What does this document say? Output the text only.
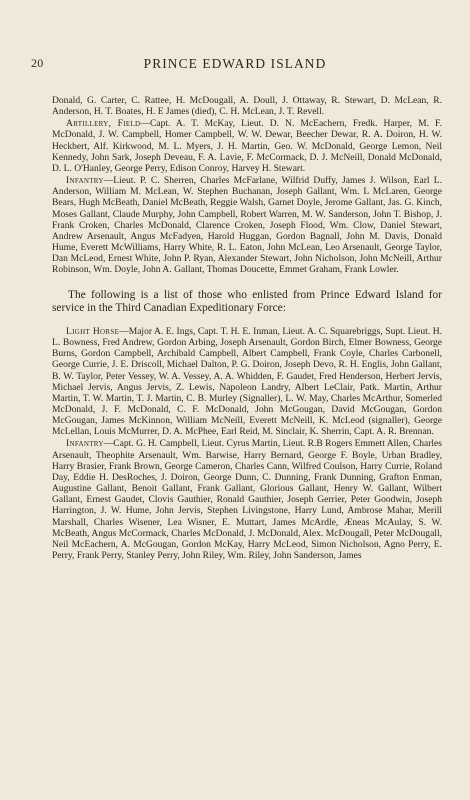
20	PRINCE EDWARD ISLAND

Donald, G. Carter, C. Rattee, H. McDougall, A. Doull, J. Ottaway, R. Stewart, D. McLean, R. Anderson, H. T. Boates, H. E James (died), C. H. McLean, J. T. Revell.

Artillery, Field—Capt. A. T. McKay, Lieut. D. N. McEachern, Fredk. Harper, M. F. McDonald, J. W. Campbell, Homer Campbell, W. W. Dewar, Beecher Dewar, R. A. Doiron, H. W. Heckbert, Alf. Kirkwood, M. L. Myers, J. H. Martin, Geo. W. McDonald, George Lemon, Neil Kennedy, John Sark, Joseph Deveau, F. A. Lavie, F. McCormack, D. J. McNeill, Donald McDonald, D. L. O'Hanley, George Perry, Edison Conroy, Harvey H. Stewart.

Infantry—Lieut. P. C. Sherren, Charles McFarlane, Wilfrid Duffy, James J. Wilson, Earl L. Anderson, William M. McLean, W. Stephen Buchanan, Joseph Gallant, Wm. L McLaren, George Bears, Hugh McBeath, Daniel McBeath, Reggie Walsh, Garnet Doyle, Jerome Gallant, Jas. G. Kinch, Moses Gallant, Claude Murphy, John Campbell, Robert Warren, M. W. Sanderson, John T. Bishop, J. Frank Croken, Charles McDonald, Clarence Croken, Joseph Flood, Wm. Clow, Daniel Stewart, Andrew Arsenault, Angus McFadyen, Harold Huggan, Gordon Bagnall, John M. Davis, Donald Hume, Everett McWilliams, Harry White, R. L. Eaton, John McLean, Leo Arsenault, George Taylor, Dan McLeod, Ernest White, John P. Ryan, Alexander Stewart, John Nicholson, John McNeill, Arthur Robinson, Wm. Doyle, John A. Gallant, Thomas Doucette, Emmet Graham, Frank Lowler.

The following is a list of those who enlisted from Prince Edward Island for service in the Third Canadian Expeditionary Force:

Light Horse—Major A. E. Ings, Capt. T. H. E. Inman, Lieut. A. C. Squarebriggs, Supt. Lieut. H. L. Bowness, Fred Andrew, Gordon Arbing, Joseph Arsenault, Gordon Birch, Elmer Bowness, George Burns, Gordon Campbell, Archibald Campbell, Albert Campbell, Frank Coyle, Charles Carbonell, George Currie, J. E. Driscoll, Michael Dalton, P. G. Doiron, Joseph Devo, R. H. Englis, John Gallant, B. W. Taylor, Peter Vessey, W. A. Vessey, A. A. Whidden, F. Gaudet, Fred Henderson, Herbert Jervis, Michael Jervis, Angus Jervis, Z. Lewis, Napoleon Landry, Albert LeClair, Patk. Martin, Arthur Martin, T. W. Martin, T. J. Martin, C. B. Murley (Signaller), L. W. May, Charles McArthur, Somerled McDonald, J. F. McDonald, C. F. McDonald, John McGougan, David McGougan, Gordon McGougan, James McKinnon, William McNeill, Everett McNeill, K. McLeod (signaller), George McLellan, Louis McMurrer, D. A. McPhee, Earl Reid, M. Sinclair, K. Sherrin, Capt. A. R. Brennan.

Infantry—Capt. G. H. Campbell, Lieut. Cyrus Martin, Lieut. R.B Rogers Emmett Allen, Charles Arsenault, Theophite Arsenault, Wm. Barwise, Harry Bernard, George F. Boyle, Urban Bradley, Harry Brasier, Frank Brown, George Cameron, Charles Cann, Wilfred Coulson, Harry Currie, Roland Day, Eddie H. DesRoches, J. Doiron, George Dunn, C. Dunning, Frank Dunning, Grafton Enman, Augustine Gallant, Benoit Gallant, Frank Gallant, Glorious Gallant, Henry W. Gallant, Wilbert Gallant, Ernest Gaudet, Clovis Gauthier, Ronald Gauthier, Joseph Gerrier, Peter Goodwin, Joseph Harrington, J. W. Hume, John Jervis, Stephen Livingstone, Harry Lund, Ambrose Mahar, Merill Marshall, Charles Wisener, Lea Wisner, E. Muttart, James McArdle, Æneas McAulay, S. W. McBeath, Angus McCormack, Charles McDonald, J. McDonald, Alex. McDougall, Peter McDougall, Neil McEachern, A. McGougan, Gordon McKay, Harry McLeod, Simon Nicholson, Agno Perry, E. Perry, Frank Perry, Stanley Perry, John Riley, Wm. Riley, John Sanderson, James
